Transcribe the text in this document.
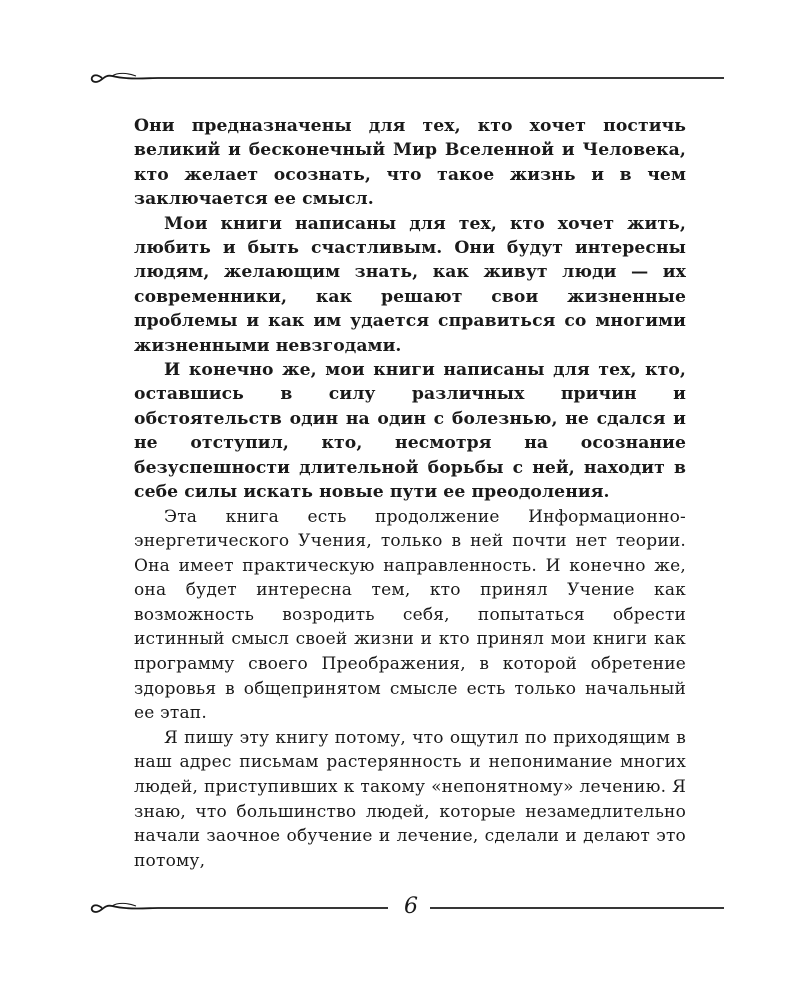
Они предназначены для тех, кто хочет постичь великий и бесконечный Мир Вселенной и Человека, кто желает осознать, что такое жизнь и в чем заключается ее смысл.

Мои книги написаны для тех, кто хочет жить, любить и быть счастливым. Они будут интересны людям, желающим знать, как живут люди — их современники, как решают свои жизненные проблемы и как им удается справиться со многими жизненными невзгодами.

И конечно же, мои книги написаны для тех, кто, оставшись в силу различных причин и обстоятельств один на один с болезнью, не сдался и не отступил, кто, несмотря на осознание безуспешности длительной борьбы с ней, находит в себе силы искать новые пути ее преодоления.

Эта книга есть продолжение Информационно-энергетического Учения, только в ней почти нет теории. Она имеет практическую направленность. И конечно же, она будет интересна тем, кто принял Учение как возможность возродить себя, попытаться обрести истинный смысл своей жизни и кто принял мои книги как программу своего Преображения, в которой обретение здоровья в общепринятом смысле есть только начальный ее этап.

Я пишу эту книгу потому, что ощутил по приходящим в наш адрес письмам растерянность и непонимание многих людей, приступивших к такому «непонятному» лечению. Я знаю, что большинство людей, которые незамедлительно начали заочное обучение и лечение, сделали и делают это потому,

6
